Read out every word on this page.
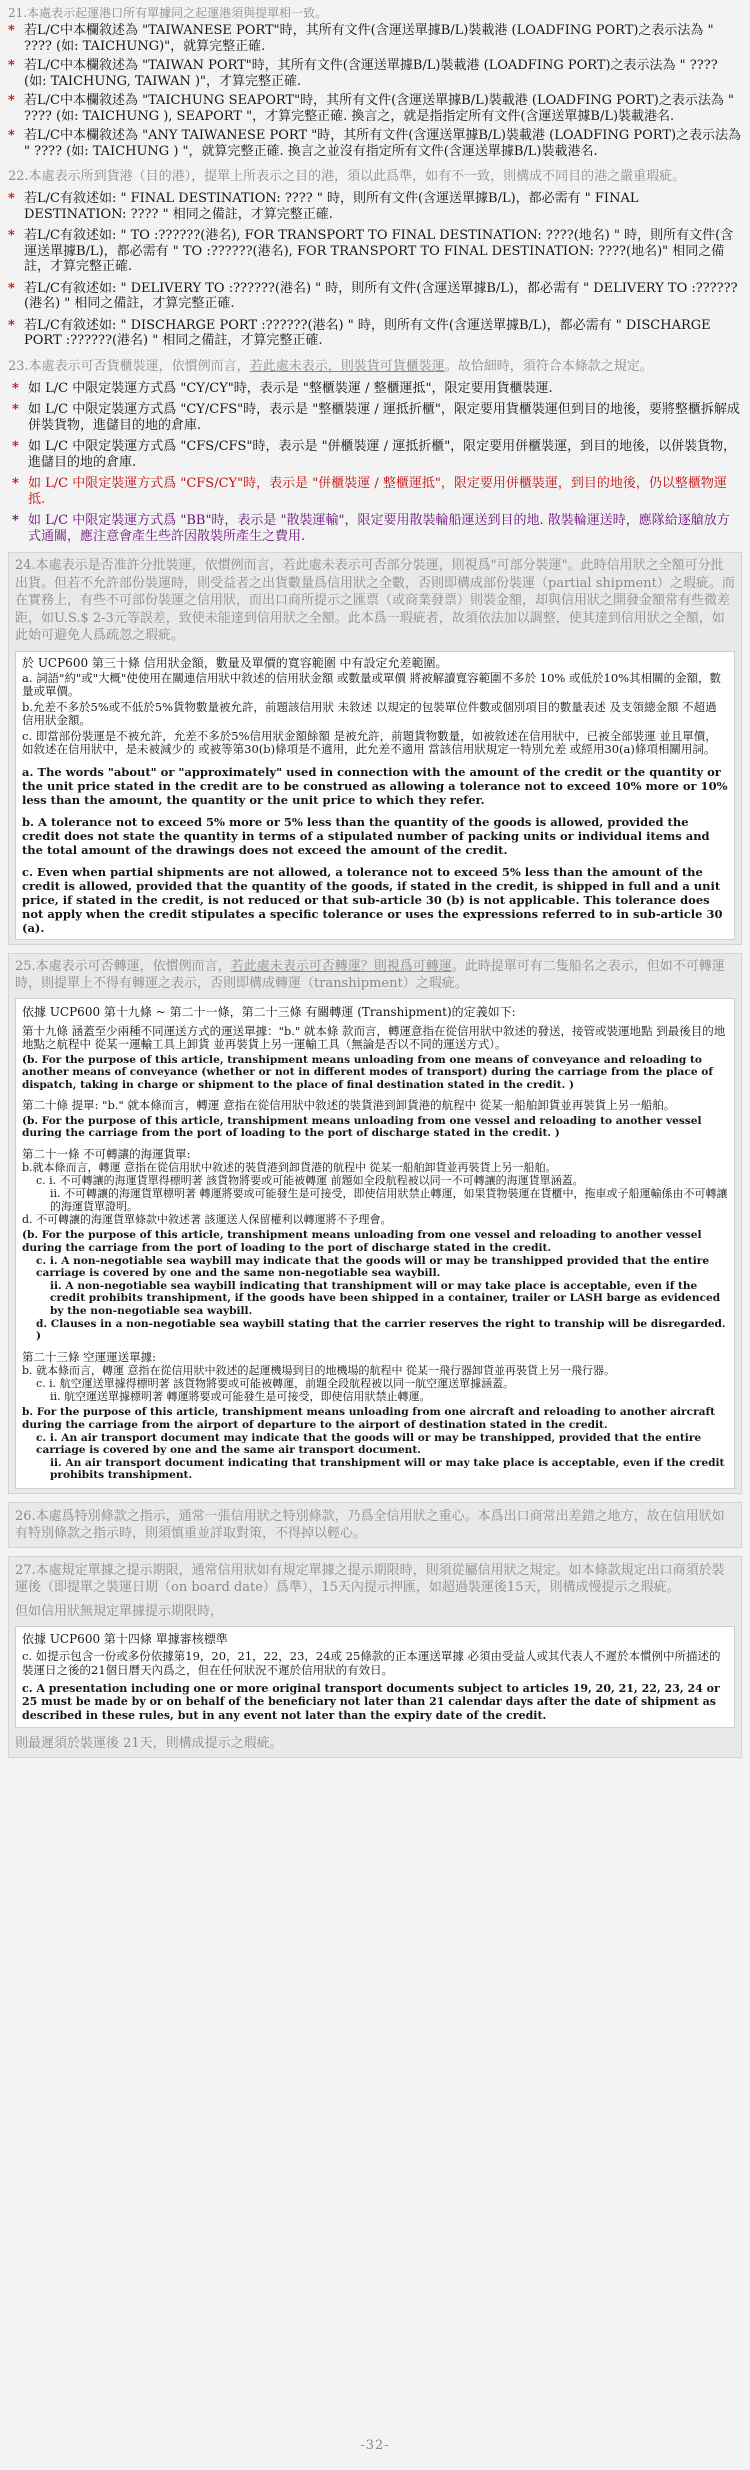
21.本處表示起運港口所有單據同之起運港須與提單相一致。

* 若L/C中本欄敘述為 "TAIWANESE PORT"時，其所有文件(含運送單據B/L)裝載港 (LOADFING PORT)之表示法為 " ???? (如: TAICHUNG)"，就算完整正確.
* 若L/C中本欄敘述為 "TAIWAN PORT"時，其所有文件(含運送單據B/L)裝載港 (LOADFING PORT)之表示法為 " ???? (如: TAICHUNG, TAIWAN )"，才算完整正確.
* 若L/C中本欄敘述為 "TAICHUNG SEAPORT"時，其所有文件(含運送單據B/L)裝載港 (LOADFING PORT)之表示法為 " ???? (如: TAICHUNG ), SEAPORT "，才算完整正確. 換言之，就是指指定所有文件(含運送單據B/L)裝載港名.
* 若L/C中本欄敘述為 "ANY TAIWANESE PORT "時，其所有文件(含運送單據B/L)裝載港 (LOADFING PORT)之表示法為 " ???? (如: TAICHUNG ) "，就算完整正確. 換言之並沒有指定所有文件(含運送單據B/L)裝載港名.

22.本處表示所到貨港（目的港），提單上所表示之目的港，須以此爲準，如有不一致，則構成不同目的港之嚴重瑕疵。

* 若L/C有敘述如: " FINAL DESTINATION: ???? " 時，則所有文件(含運送單據B/L)，都必需有 " FINAL DESTINATION: ???? " 相同之備註，才算完整正確.
* 若L/C有敘述如: " TO :??????(港名), FOR TRANSPORT TO FINAL DESTINATION: ????(地名) " 時，則所有文件(含運送單據B/L)，都必需有 " TO :??????(港名), FOR TRANSPORT TO FINAL DESTINATION: ????(地名)" 相同之備註，才算完整正確.
* 若L/C有敘述如: " DELIVERY TO :??????(港名) " 時，則所有文件(含運送單據B/L)，都必需有 " DELIVERY TO :??????(港名) " 相同之備註，才算完整正確.
* 若L/C有敘述如: " DISCHARGE PORT :??????(港名) " 時，則所有文件(含運送單據B/L)，都必需有 " DISCHARGE PORT :??????(港名) " 相同之備註，才算完整正確.

23.本處表示可否貨櫃裝運，依慣例而言，若此處未表示，則裝貨可貨櫃裝運。故恰細時，須符合本條款之規定。

* 如 L/C 中限定裝運方式爲 "CY/CY"時，表示是 "整櫃裝運 / 整櫃運抵"，限定要用貨櫃裝運.
* 如 L/C 中限定裝運方式爲 "CY/CFS"時，表示是 "整櫃裝運 / 運抵折櫃"，限定要用貨櫃裝運但到目的地後，要將整櫃拆解成併裝貨物，進儲目的地的倉庫.
* 如 L/C 中限定裝運方式爲 "CFS/CFS"時，表示是 "併櫃裝運 / 運抵折櫃"，限定要用併櫃裝運，到目的地後，以併裝貨物，進儲目的地的倉庫.
* 如 L/C 中限定裝運方式爲 "CFS/CY"時，表示是 "併櫃裝運 / 整櫃運抵"，限定要用併櫃裝運，到目的地後，仍以整櫃物運抵.
* 如 L/C 中限定裝運方式爲 "BB"時，表示是 "散裝運輸"，限定要用散裝輪船運送到目的地. 散裝輪運送時，應隊給逐艙放方式通關，應注意會產生些許因散裝所產生之費用.

24.本處表示是否准許分批裝運，依慣例而言，若此處未表示可否部分裝運，則視爲"可部分裝運"。此時信用狀之全額可分批出貨。但若不允許部份裝運時，則受益者之出貨數量爲信用狀之全數，否則即構成部份裝運（partial shipment）之瑕疵。而在實務上，有些不可部份裝運之信用狀，而出口商所提示之匯票（或商業發票）則裝金額，却與信用狀之開發金額常有些微差距，如U.S.$ 2-3元等誤差，致使未能達到信用狀之全額。此本爲一瑕疵者，故須依法加以調整，使其達到信用狀之全額，如此始可避免人爲疏忽之瑕疵。

於 UCP600 第三十條 信用狀金額，數量及單價的寬容範圍 中有設定允差範圍。

a. 詞語"約"或"大概"使使用在關連信用狀中敘述的信用狀金額 或數量或單價 將被解讀寬容範圍不多於 10% 或低於10%其相關的金額，數量或單價。

b.允差不多於5%或不低於5%貨物數量被允許，前題該信用狀 未敘述 以規定的包裝單位件數或個別項目的數量表述 及支領總金額 不超過 信用狀金額。

c. 即當部份裝運是不被允許，允差不多於5%信用狀金額餘額 是被允許，前題貨物數量，如被敘述在信用狀中，已被全部裝運 並且單價，如敘述在信用狀中，是未被減少的 或被等第30(b)條項是不適用，此允差不適用 當該信用狀規定一特別允差 或經用30(a)條項相關用詞。

a. The words "about" or "approximately" used in connection with the amount of the credit or the quantity or the unit price stated in the credit are to be construed as allowing a tolerance not to exceed 10% more or 10% less than the amount, the quantity or the unit price to which they refer.

b. A tolerance not to exceed 5% more or 5% less than the quantity of the goods is allowed, provided the credit does not state the quantity in terms of a stipulated number of packing units or individual items and the total amount of the drawings does not exceed the amount of the credit.

c. Even when partial shipments are not allowed, a tolerance not to exceed 5% less than the amount of the credit is allowed, provided that the quantity of the goods, if stated in the credit, is shipped in full and a unit price, if stated in the credit, is not reduced or that sub-article 30 (b) is not applicable. This tolerance does not apply when the credit stipulates a specific tolerance or uses the expressions referred to in sub-article 30 (a).

25.本處表示可否轉運，依慣例而言，若此處未表示可否轉運？則視爲可轉運。此時提單可有二隻船名之表示，但如不可轉運時，則提單上不得有轉運之表示，否則即構成轉運（transhipment）之瑕疵。

依據 UCP600 第十九條 ~ 第二十一條，第二十三條 有關轉運 (Transhipment)的定義如下:

第十九條 涵蓋至少兩種不同運送方式的運送單據："b." 就本條 款而言，轉運意指在從信用狀中敘述的發送，接管或裝運地點 到最後目的地地點之航程中 從某一運輸工具上卸貨 並再裝貨上另一運輸工具（無論是否以不同的運送方式）。

(b. For the purpose of this article, transhipment means unloading from one means of conveyance and reloading to another means of conveyance (whether or not in different modes of transport) during the carriage from the place of dispatch, taking in charge or shipment to the place of final destination stated in the credit. )

第二十條 提單: "b." 就本條而言，轉運 意指在從信用狀中敘述的裝貨港到卸貨港的航程中 從某一船舶卸貨並再裝貨上另一船舶。

(b. For the purpose of this article, transhipment means unloading from one vessel and reloading to another vessel during the carriage from the port of loading to the port of discharge stated in the credit. )

第二十一條 不可轉讓的海運貨單:

b.就本條而言，轉運 意指在從信用狀中敘述的裝貨港到卸貨港的航程中 從某一船舶卸貨並再裝貨上另一船舶。

c. i. 不可轉讓的海運貨單得標明著 該貨物將要或可能被轉運 前題如全段航程被以同一不可轉讓的海運貨單涵蓋。

ii. 不可轉讓的海運貨單標明著 轉運將要或可能發生是可接受，即使信用狀禁止轉運，如果貨物裝運在貨櫃中，拖車或子船運輸係由不可轉讓的海運貨單證明。

d. 不可轉讓的海運貨單條款中敘述著 該運送人保留權利以轉運將不予理會。

(b. For the purpose of this article, transhipment means unloading from one vessel and reloading to another vessel during the carriage from the port of loading to the port of discharge stated in the credit.

c. i. A non-negotiable sea waybill may indicate that the goods will or may be transhipped provided that the entire carriage is covered by one and the same non-negotiable sea waybill.

ii. A non-negotiable sea waybill indicating that transhipment will or may take place is acceptable, even if the credit prohibits transhipment, if the goods have been shipped in a container, trailer or LASH barge as evidenced by the non-negotiable sea waybill.

d. Clauses in a non-negotiable sea waybill stating that the carrier reserves the right to tranship will be disregarded. )

第二十三條 空運運送單據:

b. 就本條而言，轉運 意指在從信用狀中敘述的起運機場到目的地機場的航程中 從某一飛行器卸貨並再裝貨上另一飛行器。

c. i. 航空運送單據得標明著 該貨物將要或可能被轉運，前題全段航程被以同一航空運送單據涵蓋。

ii. 航空運送單據標明著 轉運將要或可能發生是可接受，即使信用狀禁止轉運。

b. For the purpose of this article, transhipment means unloading from one aircraft and reloading to another aircraft during the carriage from the airport of departure to the airport of destination stated in the credit.

c. i. An air transport document may indicate that the goods will or may be transhipped, provided that the entire carriage is covered by one and the same air transport document.

ii. An air transport document indicating that transhipment will or may take place is acceptable, even if the credit prohibits transhipment.

26.本處爲特別條款之指示，通常一張信用狀之特別條款，乃爲全信用狀之重心。本爲出口商常出差錯之地方，故在信用狀如有特別條款之指示時，則須慎重並詳取對策，不得掉以輕心。

27.本處規定單據之提示期限，通常信用狀如有規定單據之提示期限時，則須從屬信用狀之規定。如本條款規定出口商須於裝運後（即提單之裝運日期（on board date）爲準），15天內提示押匯，如超過裝運後15天，則構成慢提示之瑕疵。

但如信用狀無規定單據提示期限時，

依據 UCP600 第十四條 單據審核標準

c. 如提示包含一份或多份依據第19，20，21，22，23，24或 25條款的正本運送單據 必須由受益人或其代表人不遲於本慣例中所描述的裝運日之後的21個日曆天內爲之，但在任何狀況不遲於信用狀的有效日。

c. A presentation including one or more original transport documents subject to articles 19, 20, 21, 22, 23, 24 or 25 must be made by or on behalf of the beneficiary not later than 21 calendar days after the date of shipment as described in these rules, but in any event not later than the expiry date of the credit.

則最遲須於裝運後 21天，則構成提示之瑕疵。

-32-
